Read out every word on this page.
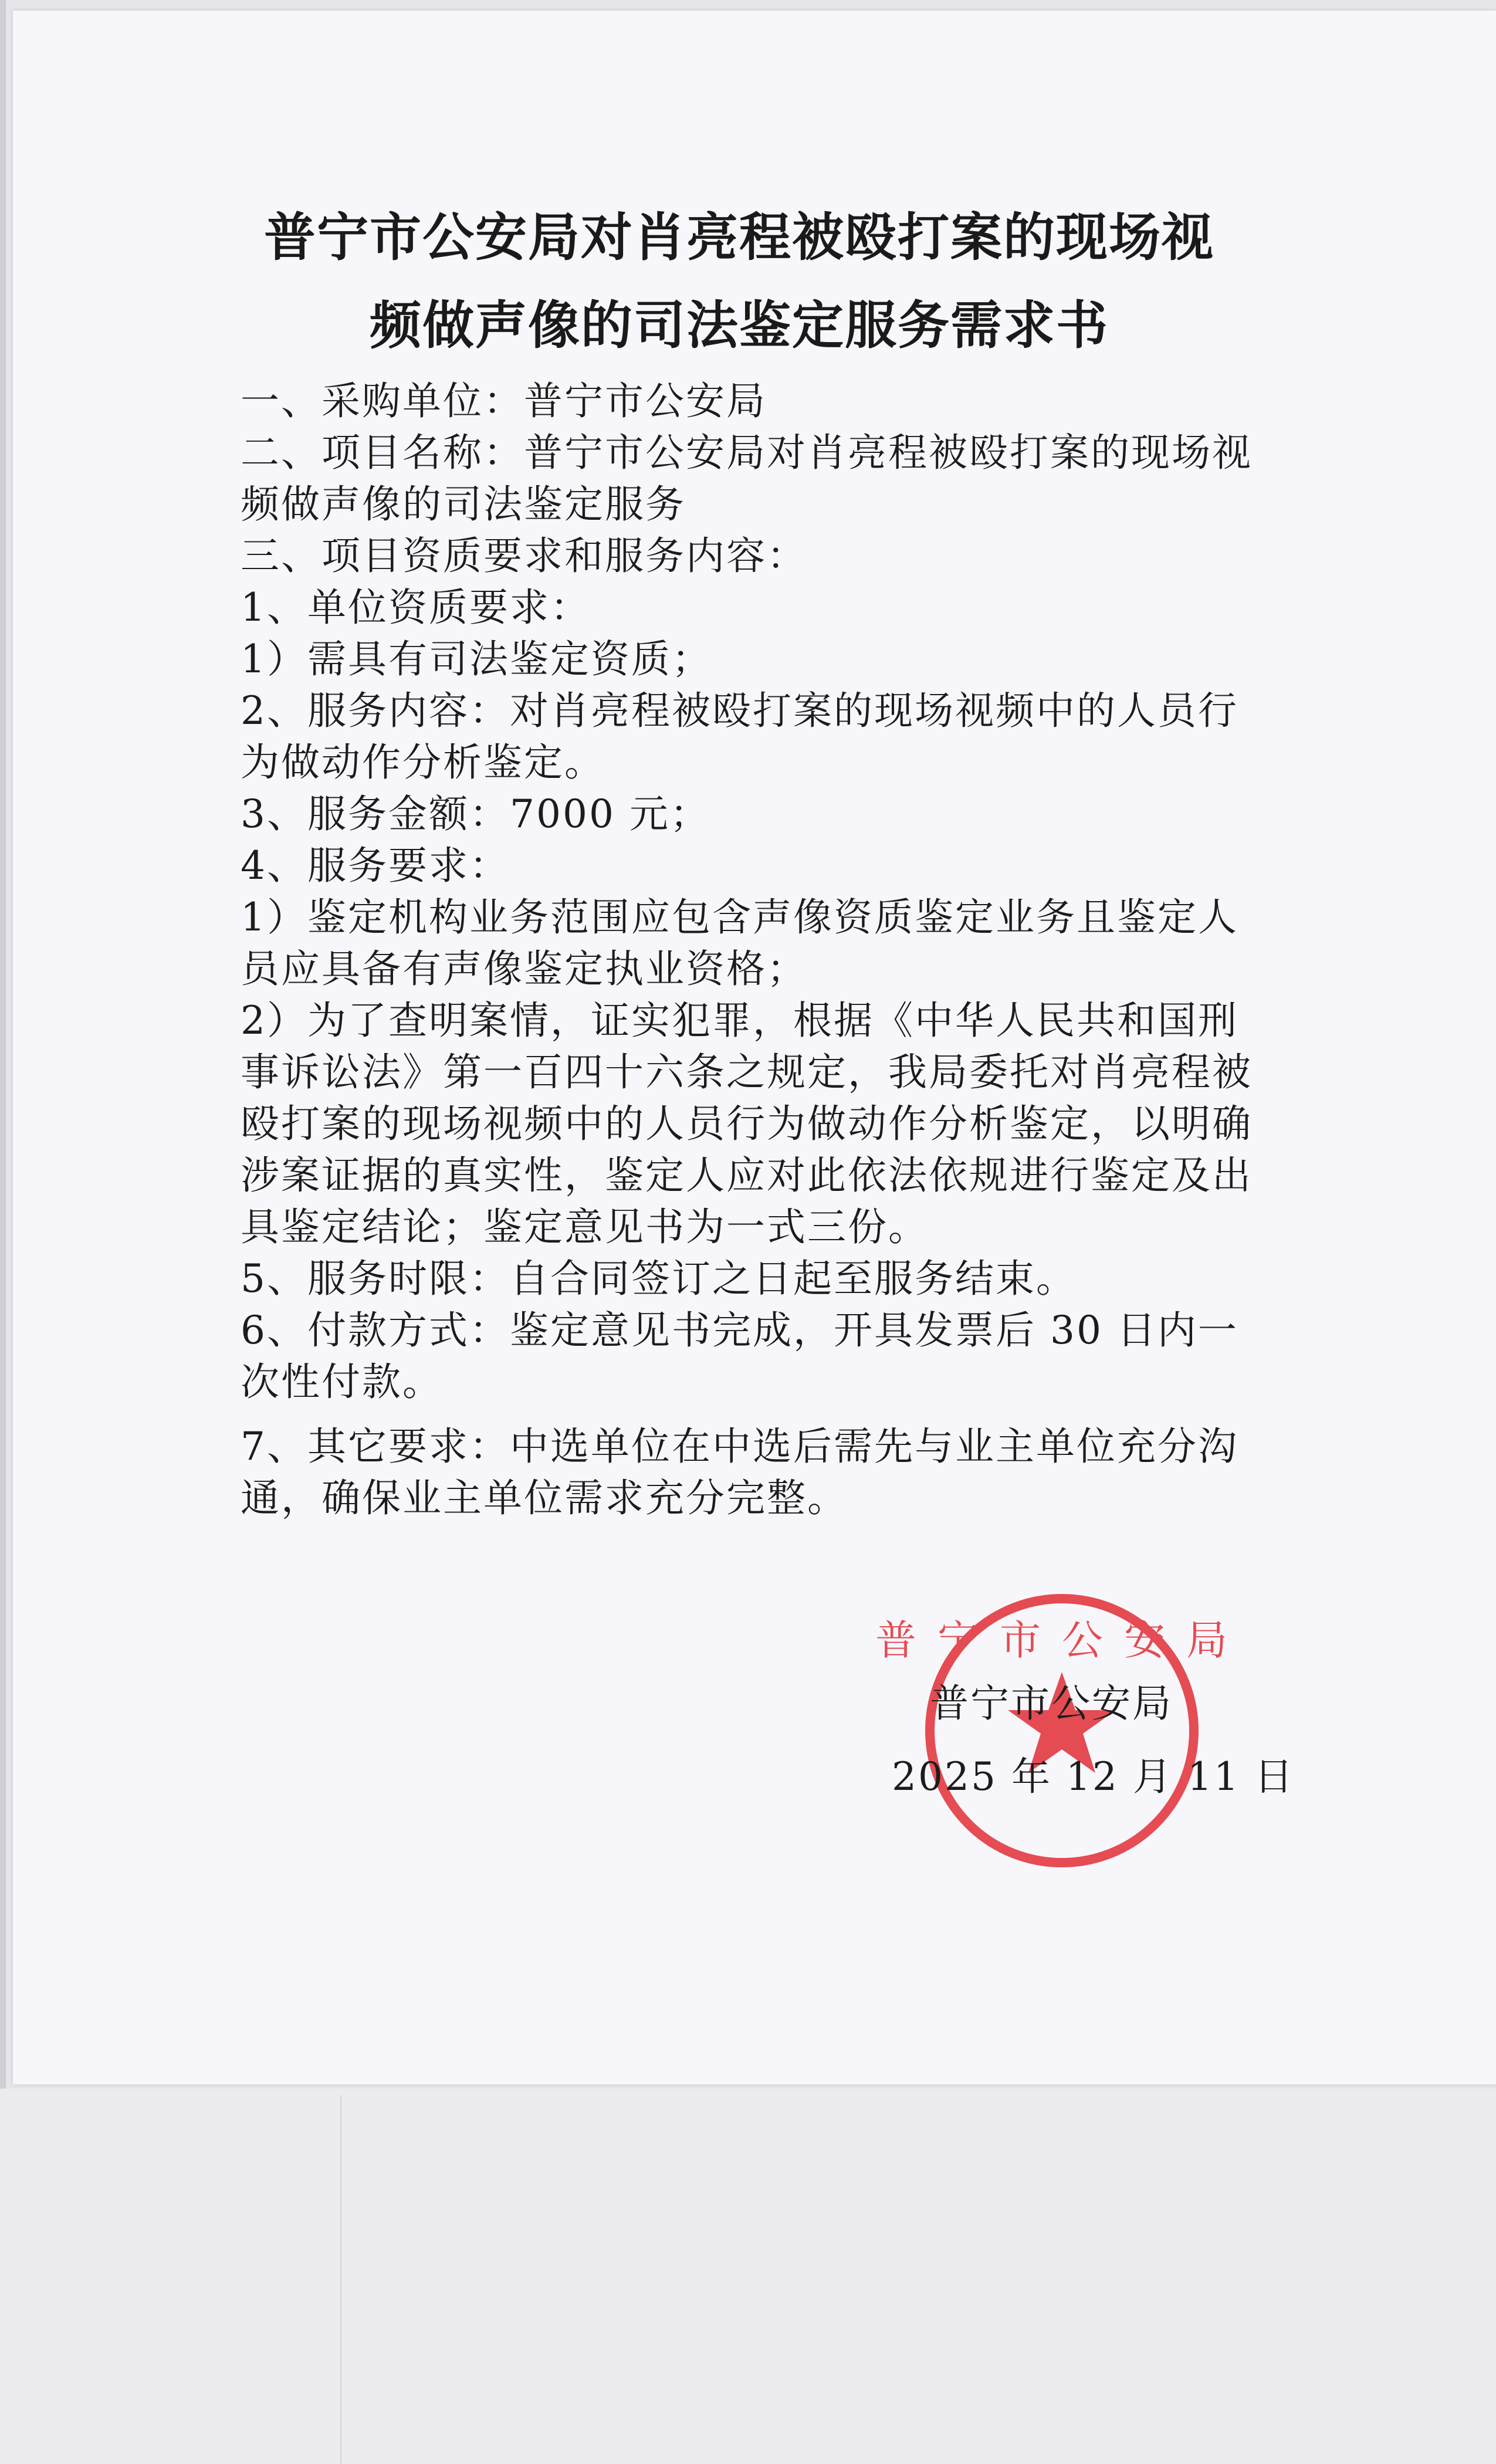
普宁市公安局对肖亮程被殴打案的现场视
频做声像的司法鉴定服务需求书

一、采购单位：普宁市公安局

二、项目名称：普宁市公安局对肖亮程被殴打案的现场视频做声像的司法鉴定服务

三、项目资质要求和服务内容：

1、单位资质要求：

1）需具有司法鉴定资质；

2、服务内容：对肖亮程被殴打案的现场视频中的人员行为做动作分析鉴定。

3、服务金额：7000 元；

4、服务要求：

1）鉴定机构业务范围应包含声像资质鉴定业务且鉴定人员应具备有声像鉴定执业资格；

2）为了查明案情，证实犯罪，根据《中华人民共和国刑事诉讼法》第一百四十六条之规定，我局委托对肖亮程被殴打案的现场视频中的人员行为做动作分析鉴定，以明确涉案证据的真实性，鉴定人应对此依法依规进行鉴定及出具鉴定结论；鉴定意见书为一式三份。

5、服务时限：自合同签订之日起至服务结束。

6、付款方式：鉴定意见书完成，开具发票后 30 日内一次性付款。

7、其它要求：中选单位在中选后需先与业主单位充分沟通，确保业主单位需求充分完整。

普宁市公安局
普宁市公安局
2025 年 12 月 11 日
